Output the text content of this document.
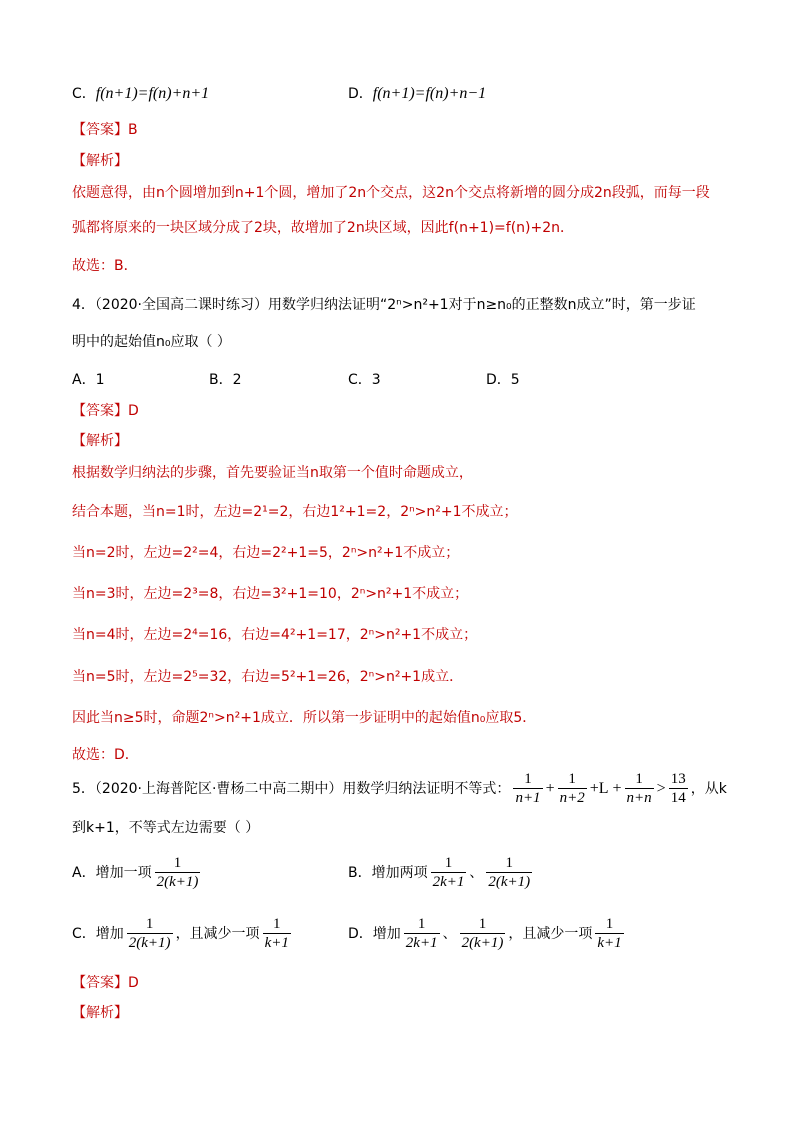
C．f(n+1)=f(n)+n+1	D．f(n+1)=f(n)+n−1
【答案】B
【解析】
依题意得，由n个圆增加到n+1个圆，增加了2n个交点，这2n个交点将新增的圆分成2n段弧，而每一段
弧都将原来的一块区域分成了2块，故增加了2n块区域，因此f(n+1)=f(n)+2n．
故选：B．
4．（2020·全国高二课时练习）用数学归纳法证明“2ⁿ>n²+1对于n≥n₀的正整数n成立”时，第一步证
明中的起始值n₀应取（ ）
A．1	B．2	C．3	D．5
【答案】D
【解析】
根据数学归纳法的步骤，首先要验证当n取第一个值时命题成立，
结合本题，当n=1时，左边=2¹=2，右边1²+1=2，2ⁿ>n²+1不成立；
当n=2时，左边=2²=4，右边=2²+1=5，2ⁿ>n²+1不成立；
当n=3时，左边=2³=8，右边=3²+1=10，2ⁿ>n²+1不成立；
当n=4时，左边=2⁴=16，右边=4²+1=17，2ⁿ>n²+1不成立；
当n=5时，左边=2⁵=32，右边=5²+1=26，2ⁿ>n²+1成立．
因此当n≥5时，命题2ⁿ>n²+1成立．所以第一步证明中的起始值n₀应取5．
故选：D．
5．（2020·上海普陀区·曹杨二中高二期中）用数学归纳法证明不等式： $\frac{1}{n+1} + \frac{1}{n+2} +L + \frac{1}{n+n} > \frac{13}{14}$ ，从k
到k+1，不等式左边需要（ ）
A．增加一项 $\frac{1}{2(k+1)}$	B．增加两项 $\frac{1}{2k+1}$ 、 $\frac{1}{2(k+1)}$
C．增加 $\frac{1}{2(k+1)}$ ，且减少一项 $\frac{1}{k+1}$	D．增加 $\frac{1}{2k+1}$ 、 $\frac{1}{2(k+1)}$ ，且减少一项 $\frac{1}{k+1}$
【答案】D
【解析】
